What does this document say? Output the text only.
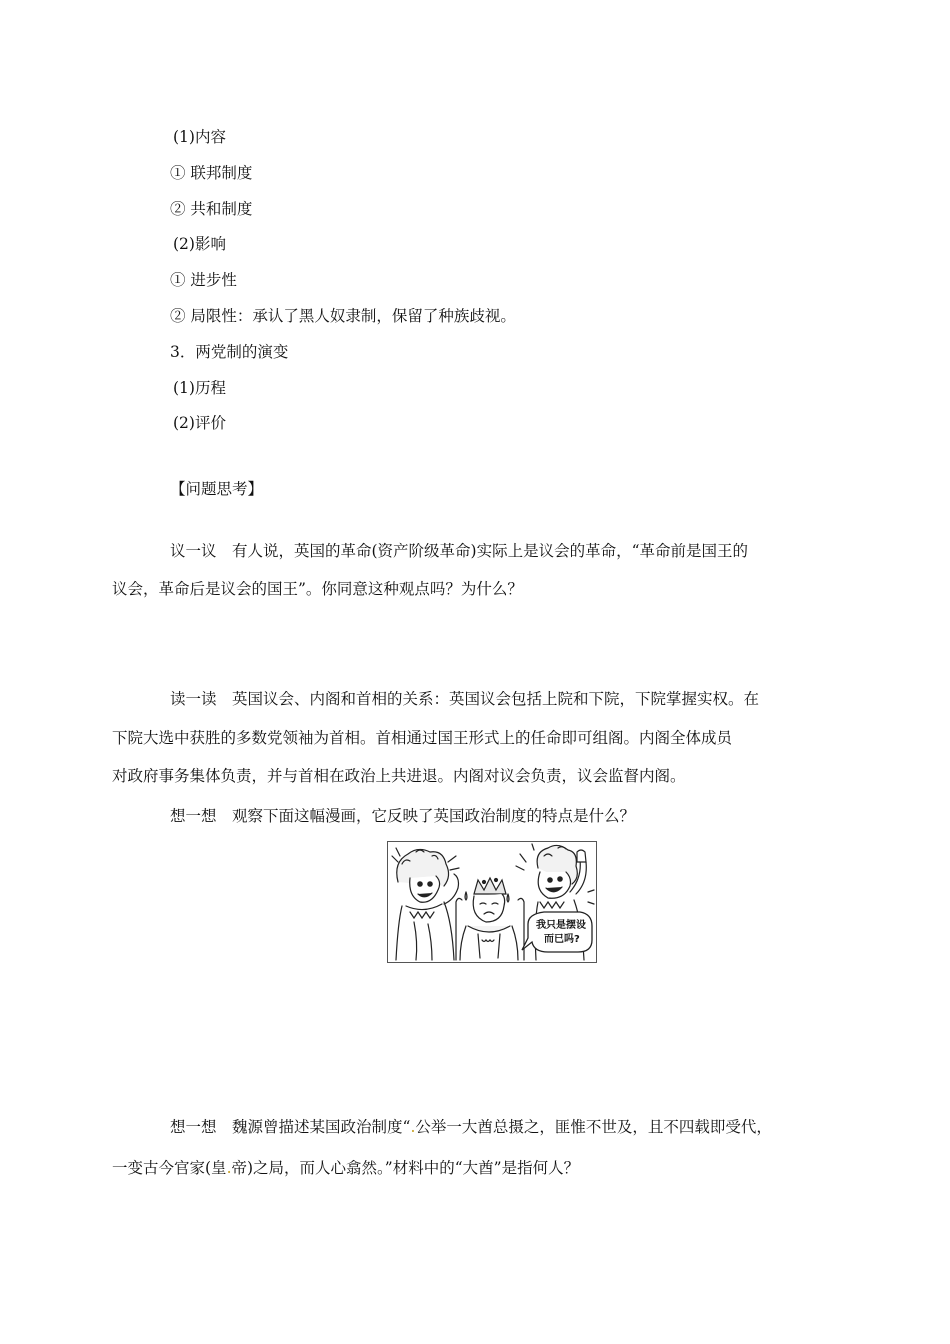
(1)内容
① 联邦制度
② 共和制度
(2)影响
① 进步性
② 局限性：承认了黑人奴隶制，保留了种族歧视。
3．两党制的演变
(1)历程
(2)评价
【问题思考】
议一议　有人说，英国的革命(资产阶级革命)实际上是议会的革命，“革命前是国王的
议会，革命后是议会的国王”。你同意这种观点吗？为什么？
读一读　英国议会、内阁和首相的关系：英国议会包括上院和下院，下院掌握实权。在
下院大选中获胜的多数党领袖为首相。首相通过国王形式上的任命即可组阁。内阁全体成员
对政府事务集体负责，并与首相在政治上共进退。内阁对议会负责，议会监督内阁。
想一想　观察下面这幅漫画，它反映了英国政治制度的特点是什么？
我只是摆设
而已吗?
想一想　魏源曾描述某国政治制度“.公举一大酋总摄之，匪惟不世及，且不四载即受代，
一变古今官家(皇.帝)之局，而人心翕然。”材料中的“大酋”是指何人？
